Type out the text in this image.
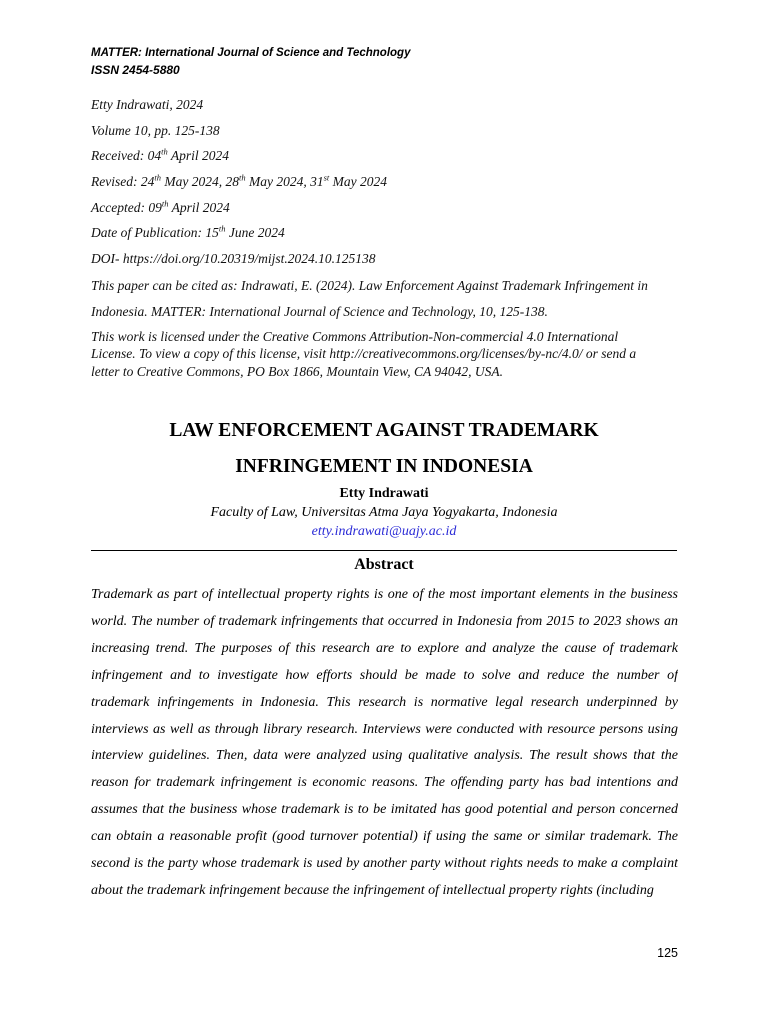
MATTER: International Journal of Science and Technology
ISSN 2454-5880
Etty Indrawati, 2024
Volume 10, pp. 125-138
Received: 04th April 2024
Revised: 24th May 2024, 28th May 2024, 31st May 2024
Accepted: 09th April 2024
Date of Publication: 15th June 2024
DOI- https://doi.org/10.20319/mijst.2024.10.125138
This paper can be cited as: Indrawati, E. (2024). Law Enforcement Against Trademark Infringement in Indonesia. MATTER: International Journal of Science and Technology, 10, 125-138.
This work is licensed under the Creative Commons Attribution-Non-commercial 4.0 International License. To view a copy of this license, visit http://creativecommons.org/licenses/by-nc/4.0/ or send a letter to Creative Commons, PO Box 1866, Mountain View, CA 94042, USA.
LAW ENFORCEMENT AGAINST TRADEMARK
INFRINGEMENT IN INDONESIA
Etty Indrawati
Faculty of Law, Universitas Atma Jaya Yogyakarta, Indonesia
etty.indrawati@uajy.ac.id
Abstract
Trademark as part of intellectual property rights is one of the most important elements in the business world. The number of trademark infringements that occurred in Indonesia from 2015 to 2023 shows an increasing trend. The purposes of this research are to explore and analyze the cause of trademark infringement and to investigate how efforts should be made to solve and reduce the number of trademark infringements in Indonesia. This research is normative legal research underpinned by interviews as well as through library research. Interviews were conducted with resource persons using interview guidelines. Then, data were analyzed using qualitative analysis. The result shows that the reason for trademark infringement is economic reasons. The offending party has bad intentions and assumes that the business whose trademark is to be imitated has good potential and person concerned can obtain a reasonable profit (good turnover potential) if using the same or similar trademark. The second is the party whose trademark is used by another party without rights needs to make a complaint about the trademark infringement because the infringement of intellectual property rights (including
125
